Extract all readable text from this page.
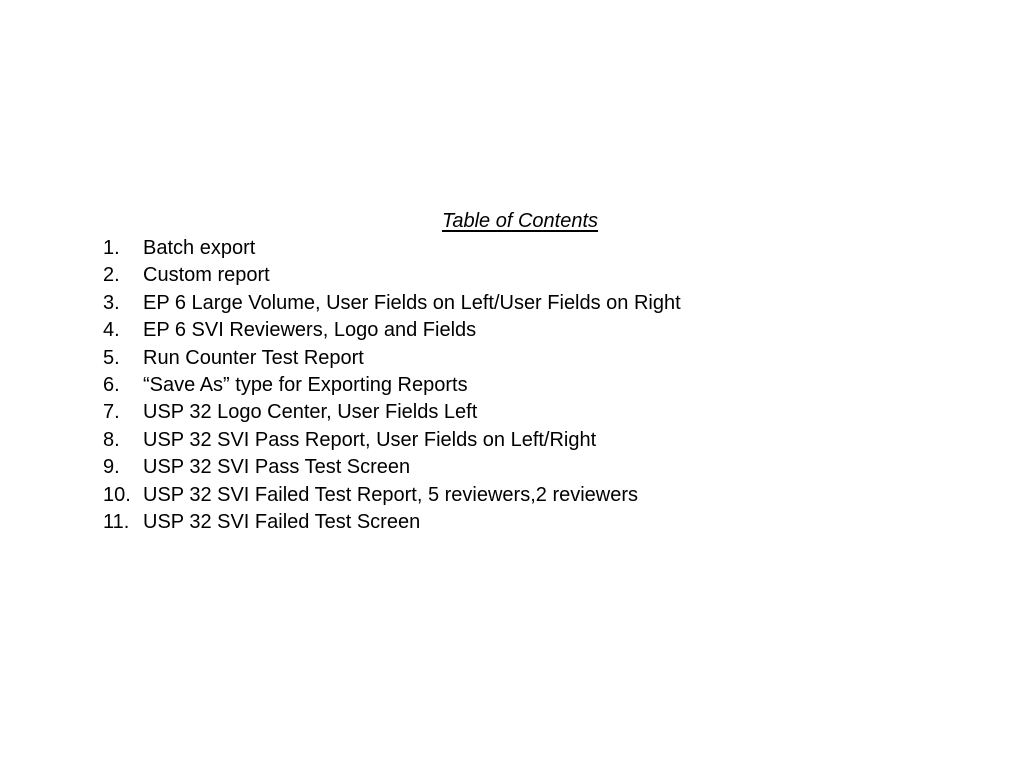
Table of Contents
1.	Batch export
2.	Custom report
3.	EP 6 Large Volume, User Fields on Left/User Fields on Right
4.	EP 6 SVI Reviewers, Logo and Fields
5.	Run Counter Test Report
6.	“Save As” type for Exporting Reports
7.	USP 32 Logo Center, User Fields Left
8.	USP 32 SVI Pass Report, User Fields on Left/Right
9.	USP 32 SVI Pass Test Screen
10. USP 32 SVI Failed Test Report, 5 reviewers,2 reviewers
11. USP 32 SVI Failed Test Screen
